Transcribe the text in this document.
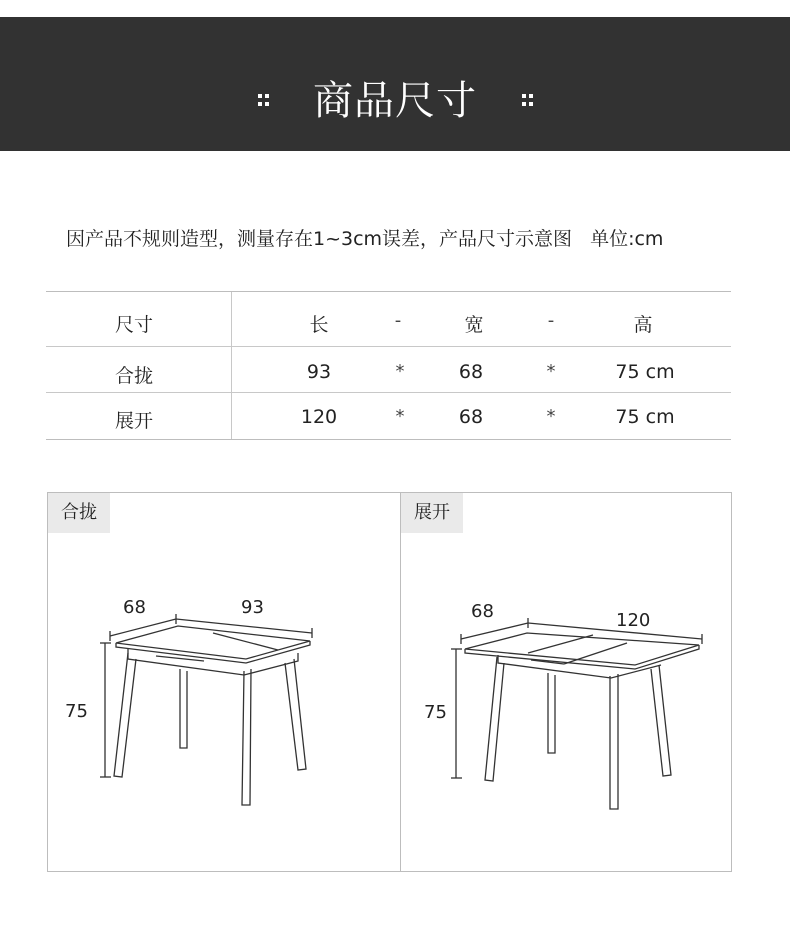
商品尺寸
因产品不规则造型，测量存在1~3cm误差，产品尺寸示意图 单位:cm
尺寸	长	-	宽	-	高
合拢	93	*	68	*	75 cm
展开	120	*	68	*	75 cm
合拢
68	93
75
展开
68	120
75
